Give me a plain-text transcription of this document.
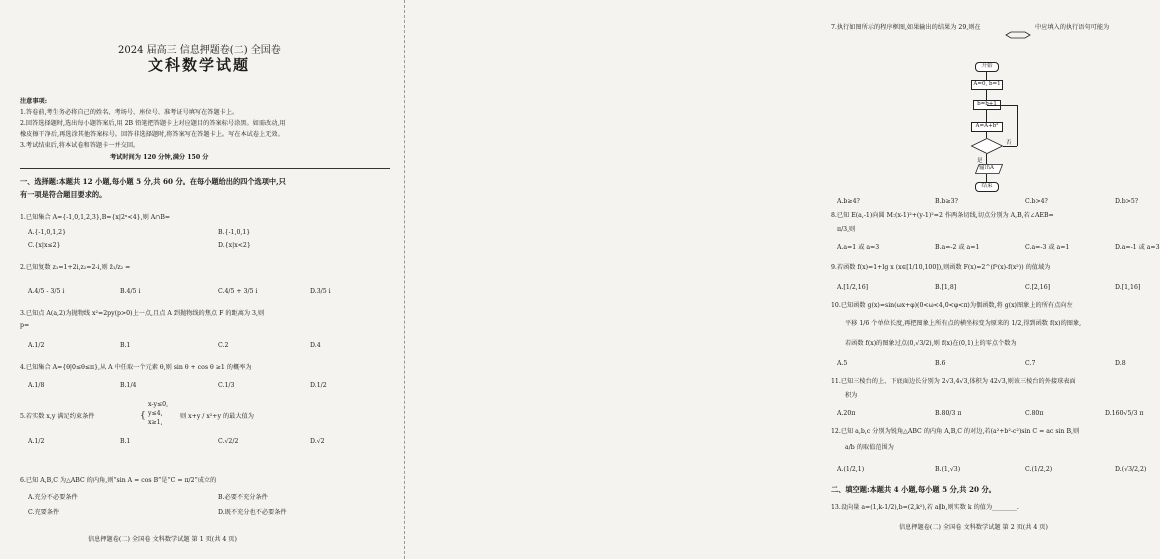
2024 届高三 信息押题卷(二) 全国卷
文科数学试题
注意事项:
1.答卷前,考生务必将自己的姓名、考场号、座位号、准考证号填写在答题卡上。
2.回答选择题时,选出每小题答案后,用 2B 铅笔把答题卡上对应题目的答案标号涂黑。如需改动,用
橡皮擦干净后,再选涂其他答案标号。回答非选择题时,将答案写在答题卡上。写在本试卷上无效。
3.考试结束后,将本试卷和答题卡一并交回。
考试时间为 120 分钟,满分 150 分
一、选择题:本题共 12 小题,每小题 5 分,共 60 分。在每小题给出的四个选项中,只
有一项是符合题目要求的。
1.已知集合 A={-1,0,1,2,3},B={x|2ˣ<4},则 A∩B=
A.{-1,0,1,2}	B.{-1,0,1}
C.{x|x≤2}	D.{x|x<2}
2.已知复数 z₁=1+2i,z₂=2-i,则 z̄₁/z₂ =
A.4/5 - 3/5 i	B.4/5 i	C.4/5 + 3/5 i	D.3/5 i
3.已知点 A(a,2)为抛物线 x²=2py(p>0)上一点,且点 A 到抛物线的焦点 F 的距离为 3,则
p=
A.1/2	B.1	C.2	D.4
4.已知集合 A={θ|0≤θ≤π},从 A 中任取一个元素 θ,则 sin θ + cos θ ≥1 的概率为
A.1/8	B.1/4	C.1/3	D.1/2
5.若实数 x,y 满足约束条件	{
x-y≤0,
y≤4,
x≥1,
则 x+y / x²+y 的最大值为
A.1/2	B.1	C.√2/2	D.√2
6.已知 A,B,C 为△ABC 的内角,则“sin A = cos B”是“C = π/2”成立的
A.充分不必要条件	B.必要不充分条件
C.充要条件	D.既不充分也不必要条件
信息押题卷(二) 全国卷 文科数学试题 第 1 页(共 4 页)
7.执行如图所示的程序框图,如果输出的结果为 29,则在	中应填入的执行语句可能为
开始
A=0, b=1
b=b+1
A=A+b²
否
是
输出A
结束
A.b≥4?	B.b≥3?	C.b>4?	D.b>5?
8.已知 E(a,-1)向圆 M:(x-1)²+(y-1)²=2 作两条切线,切点分别为 A,B,若∠AEB=
π/3,则
A.a=1 或 a=3	B.a=-2 或 a=1	C.a=-3 或 a=1	D.a=-1 或 a=3
9.若函数 f(x)=1+lg x (x∈[1/10,100]),则函数 F(x)=2^(f²(x)-f(x²)) 的值域为
A.[1/2,16]	B.[1,8]	C.[2,16]	D.[1,16]
10.已知函数 g(x)=sin(ωx+φ)(0<ω<4,0<φ<π)为偶函数,将 g(x)图象上的所有点向左
平移 1/6 个单位长度,再把图象上所有点的横坐标变为原来的 1/2,得到函数 f(x)的图象,
若函数 f(x)的图象过点(0,√3/2),则 f(x)在(0,1)上的零点个数为
A.5	B.6	C.7	D.8
11.已知三棱台的上、下底面边长分别为 2√3,4√3,体积为 42√3,则该三棱台的外接球表面
积为
A.20π	B.80/3 π	C.80π	D.160√5/3 π
12.已知 a,b,c 分别为锐角△ABC 的内角 A,B,C 的对边,若(a²+b²-c²)sin C = ac sin B,则
a/b 的取值范围为
A.(1/2,1)	B.(1,√3)	C.(1/2,2)	D.(√3/2,2)
二、填空题:本题共 4 小题,每小题 5 分,共 20 分。
13.设向量 a=(1,k-1/2),b=(2,k²),若 a∥b,则实数 k 的值为________.
信息押题卷(二) 全国卷 文科数学试题 第 2 页(共 4 页)
